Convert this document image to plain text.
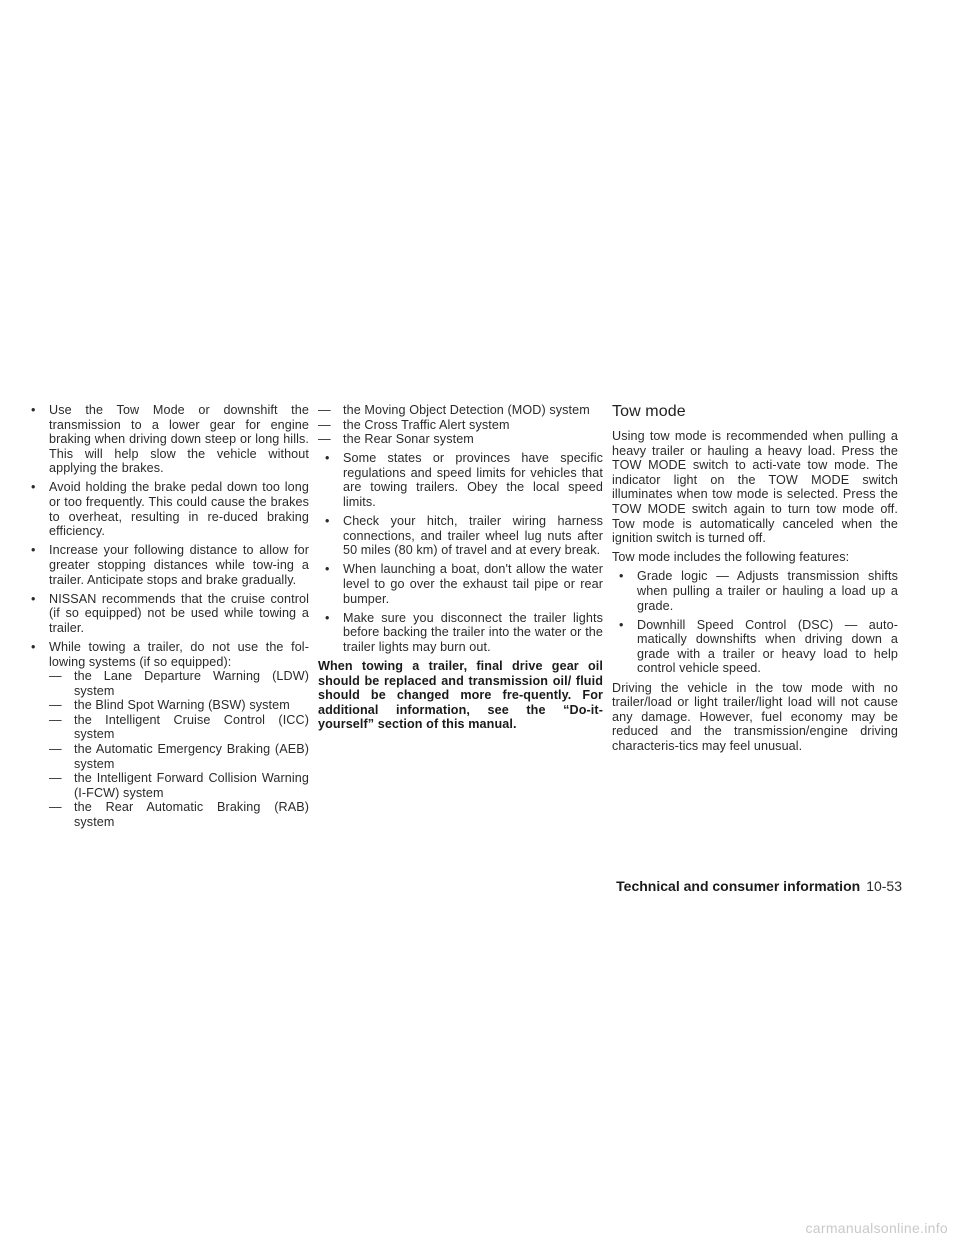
• Use the Tow Mode or downshift the transmission to a lower gear for engine braking when driving down steep or long hills. This will help slow the vehicle without applying the brakes.
• Avoid holding the brake pedal down too long or too frequently. This could cause the brakes to overheat, resulting in re-duced braking efficiency.
• Increase your following distance to allow for greater stopping distances while tow-ing a trailer. Anticipate stops and brake gradually.
• NISSAN recommends that the cruise control (if so equipped) not be used while towing a trailer.
• While towing a trailer, do not use the fol-lowing systems (if so equipped):
— the Lane Departure Warning (LDW) system
— the Blind Spot Warning (BSW) system
— the Intelligent Cruise Control (ICC) system
— the Automatic Emergency Braking (AEB) system
— the Intelligent Forward Collision Warning (I-FCW) system
— the Rear Automatic Braking (RAB) system
— the Moving Object Detection (MOD) system
— the Cross Traffic Alert system
— the Rear Sonar system
• Some states or provinces have specific regulations and speed limits for vehicles that are towing trailers. Obey the local speed limits.
• Check your hitch, trailer wiring harness connections, and trailer wheel lug nuts after 50 miles (80 km) of travel and at every break.
• When launching a boat, don't allow the water level to go over the exhaust tail pipe or rear bumper.
• Make sure you disconnect the trailer lights before backing the trailer into the water or the trailer lights may burn out.
When towing a trailer, final drive gear oil should be replaced and transmission oil/ fluid should be changed more fre-quently. For additional information, see the “Do-it-yourself” section of this manual.
Tow mode

Using tow mode is recommended when pulling a heavy trailer or hauling a heavy load. Press the TOW MODE switch to acti-vate tow mode. The indicator light on the TOW MODE switch illuminates when tow mode is selected. Press the TOW MODE switch again to turn tow mode off. Tow mode is automatically canceled when the ignition switch is turned off.

Tow mode includes the following features:

• Grade logic — Adjusts transmission shifts when pulling a trailer or hauling a load up a grade.
• Downhill Speed Control (DSC) — auto-matically downshifts when driving down a grade with a trailer or heavy load to help control vehicle speed.

Driving the vehicle in the tow mode with no trailer/load or light trailer/light load will not cause any damage. However, fuel economy may be reduced and the transmission/engine driving characteris-tics may feel unusual.

Technical and consumer information 10-53
carmanualsonline.info
